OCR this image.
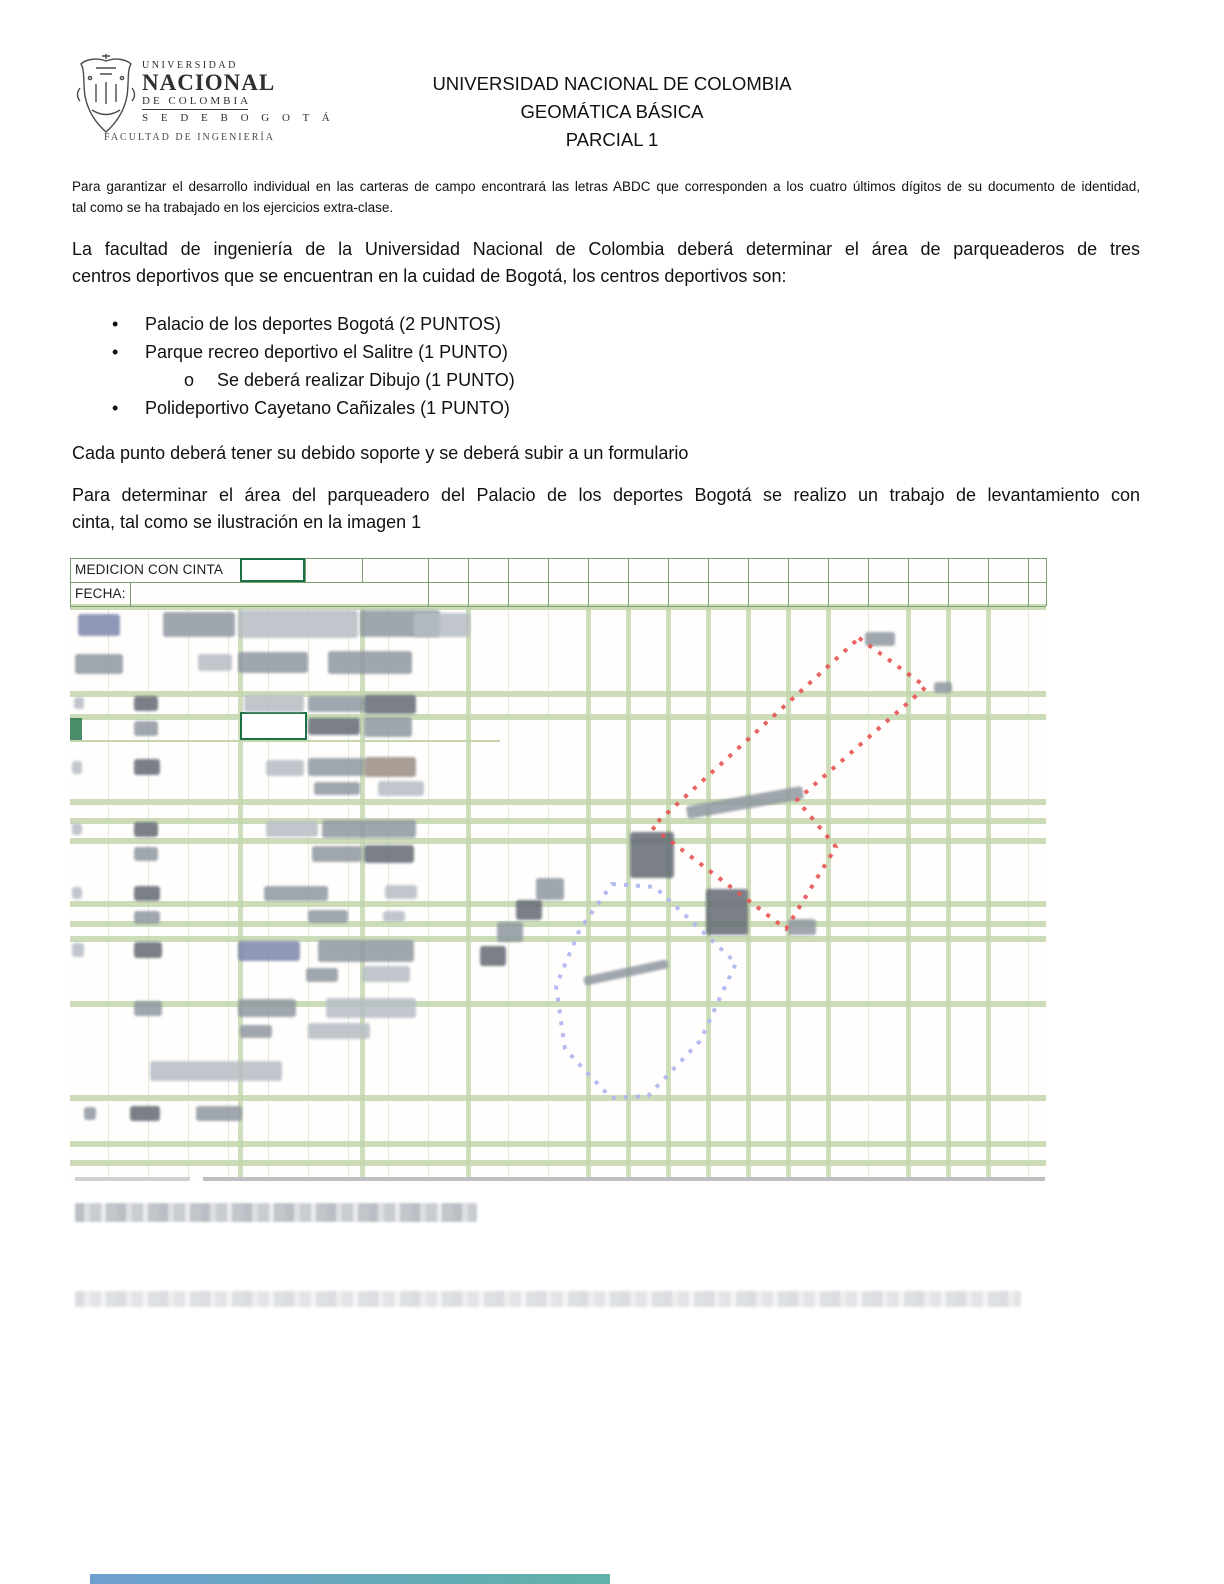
UNIVERSIDAD
NACIONAL
DE COLOMBIA
S E D E B O G O T Á
FACULTAD DE INGENIERÍA
UNIVERSIDAD NACIONAL DE COLOMBIA
GEOMÁTICA BÁSICA
PARCIAL 1
Para garantizar el desarrollo individual en las carteras de campo encontrará las letras ABDC que corresponden a los cuatro últimos dígitos de su documento de identidad,
tal como se ha trabajado en los ejercicios extra-clase.
La facultad de ingeniería de la Universidad Nacional de Colombia deberá determinar el área de parqueaderos de tres
centros deportivos que se encuentran en la cuidad de Bogotá, los centros deportivos son:
• Palacio de los deportes Bogotá (2 PUNTOS)
• Parque recreo deportivo el Salitre (1 PUNTO)
o Se deberá realizar Dibujo (1 PUNTO)
• Polideportivo Cayetano Cañizales (1 PUNTO)
Cada punto deberá tener su debido soporte y se deberá subir a un formulario
Para determinar el área del parqueadero del Palacio de los deportes Bogotá se realizo un trabajo de levantamiento con
cinta, tal como se ilustración en la imagen 1
MEDICION CON CINTA
FECHA:
